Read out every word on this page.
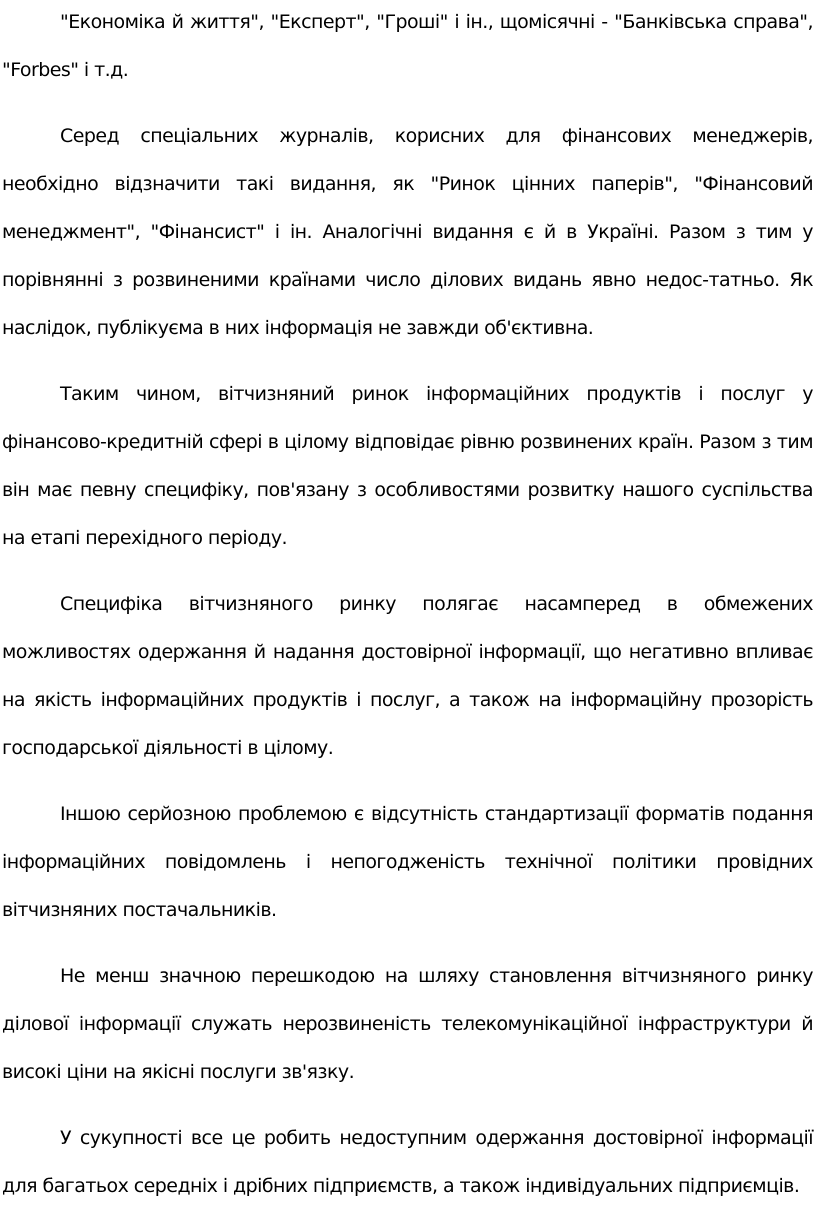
"Економіка й життя", "Експерт", "Гроші" і ін., щомісячні - "Банківська справа", "Forbes" і т.д.

Серед спеціальних журналів, корисних для фінансових менеджерів, необхідно відзначити такі видання, як "Ринок цінних паперів", "Фінансовий менеджмент", "Фінансист" і ін. Аналогічні видання є й в Україні. Разом з тим у порівнянні з розвиненими країнами число ділових видань явно недос-татньо. Як наслідок, публікуєма в них інформація не завжди об'єктивна.

Таким чином, вітчизняний ринок інформаційних продуктів і послуг у фінансово-кредитній сфері в цілому відповідає рівню розвинених країн. Разом з тим він має певну специфіку, пов'язану з особливостями розвитку нашого суспільства на етапі перехідного періоду.

Специфіка вітчизняного ринку полягає насамперед в обмежених можливостях одержання й надання достовірної інформації, що негативно впливає на якість інформаційних продуктів і послуг, а також на інформаційну прозорість господарської діяльності в цілому.

Іншою серйозною проблемою є відсутність стандартизації форматів подання інформаційних повідомлень і непогодженість технічної політики провідних вітчизняних постачальників.

Не менш значною перешкодою на шляху становлення вітчизняного ринку ділової інформації служать нерозвиненість телекомунікаційної інфраструктури й високі ціни на якісні послуги зв'язку.

У сукупності все це робить недоступним одержання достовірної інформації для багатьох середніх і дрібних підприємств, а також індивідуальних підприємців.
